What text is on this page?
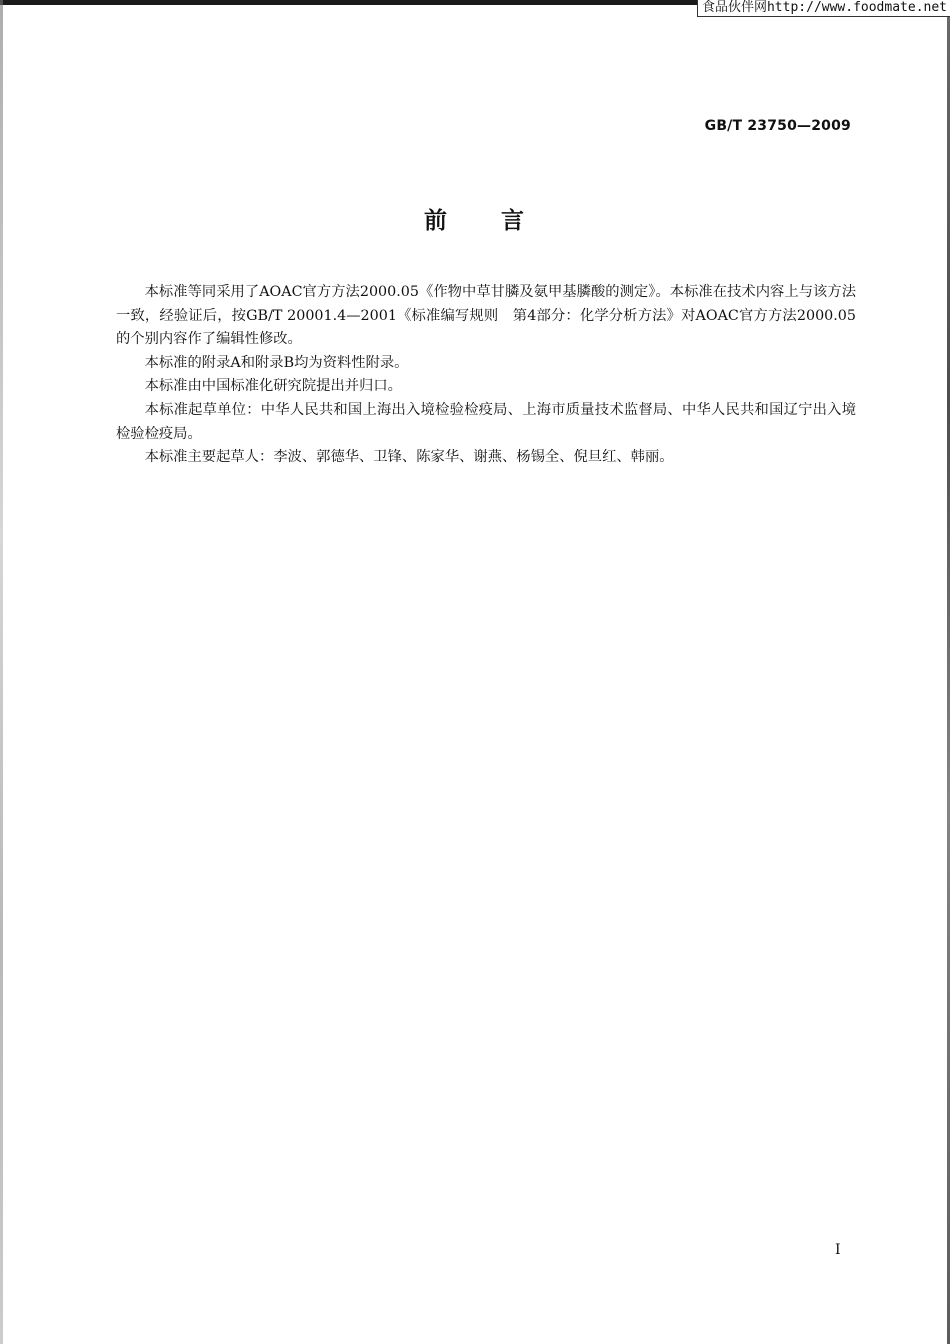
食品伙伴网http://www.foodmate.net
GB/T 23750—2009
前 言

本标准等同采用了AOAC官方方法2000.05《作物中草甘膦及氨甲基膦酸的测定》。本标准在技术内容上与该方法一致，经验证后，按GB/T 20001.4—2001《标准编写规则　第4部分：化学分析方法》对AOAC官方方法2000.05的个别内容作了编辑性修改。

本标准的附录A和附录B均为资料性附录。

本标准由中国标准化研究院提出并归口。

本标准起草单位：中华人民共和国上海出入境检验检疫局、上海市质量技术监督局、中华人民共和国辽宁出入境检验检疫局。

本标准主要起草人：李波、郭德华、卫锋、陈家华、谢燕、杨锡全、倪旦红、韩丽。

I
